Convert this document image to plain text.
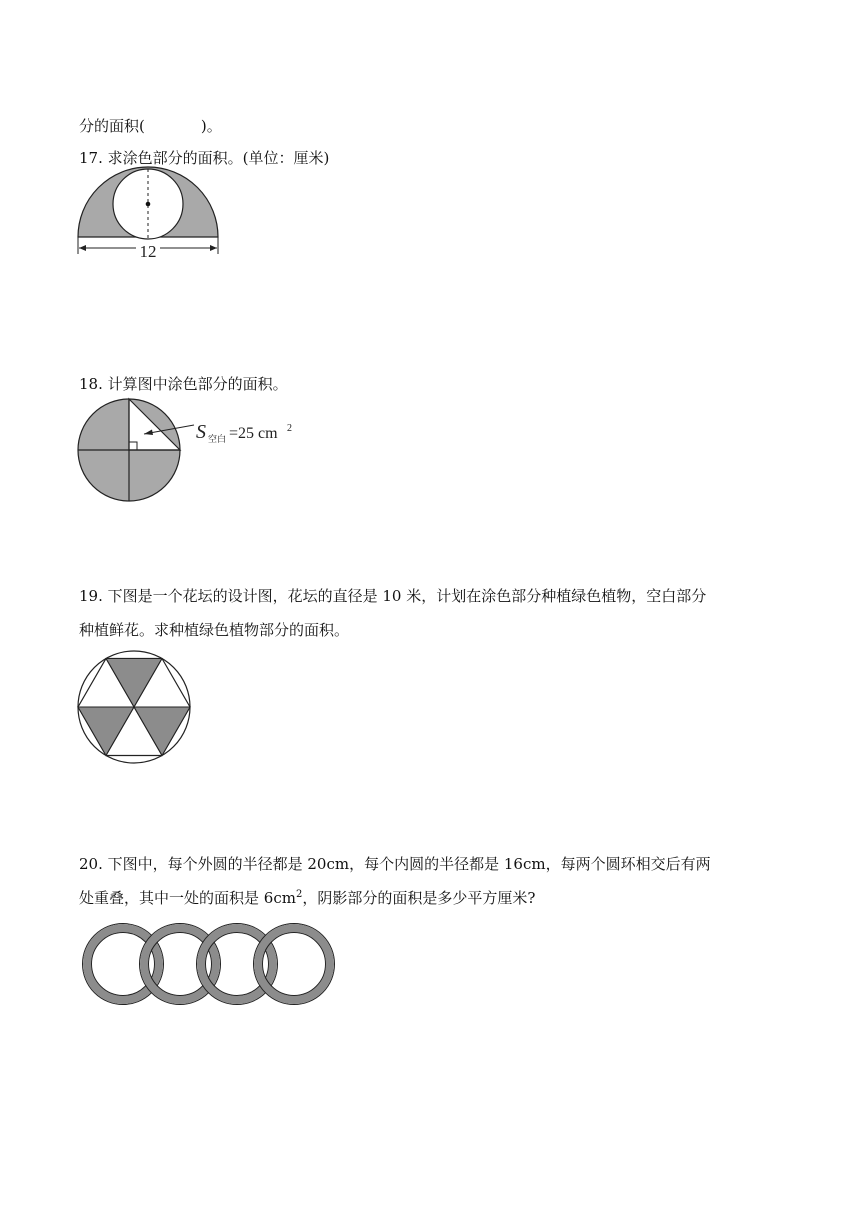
分的面积(	)。
17. 求涂色部分的面积。(单位：厘米)
12
18. 计算图中涂色部分的面积。
S 空白 =25 cm 2
19. 下图是一个花坛的设计图，花坛的直径是 10 米，计划在涂色部分种植绿色植物，空白部分
种植鲜花。求种植绿色植物部分的面积。
20. 下图中，每个外圆的半径都是 20cm，每个内圆的半径都是 16cm，每两个圆环相交后有两
处重叠，其中一处的面积是 $6cm^2$，阴影部分的面积是多少平方厘米?
